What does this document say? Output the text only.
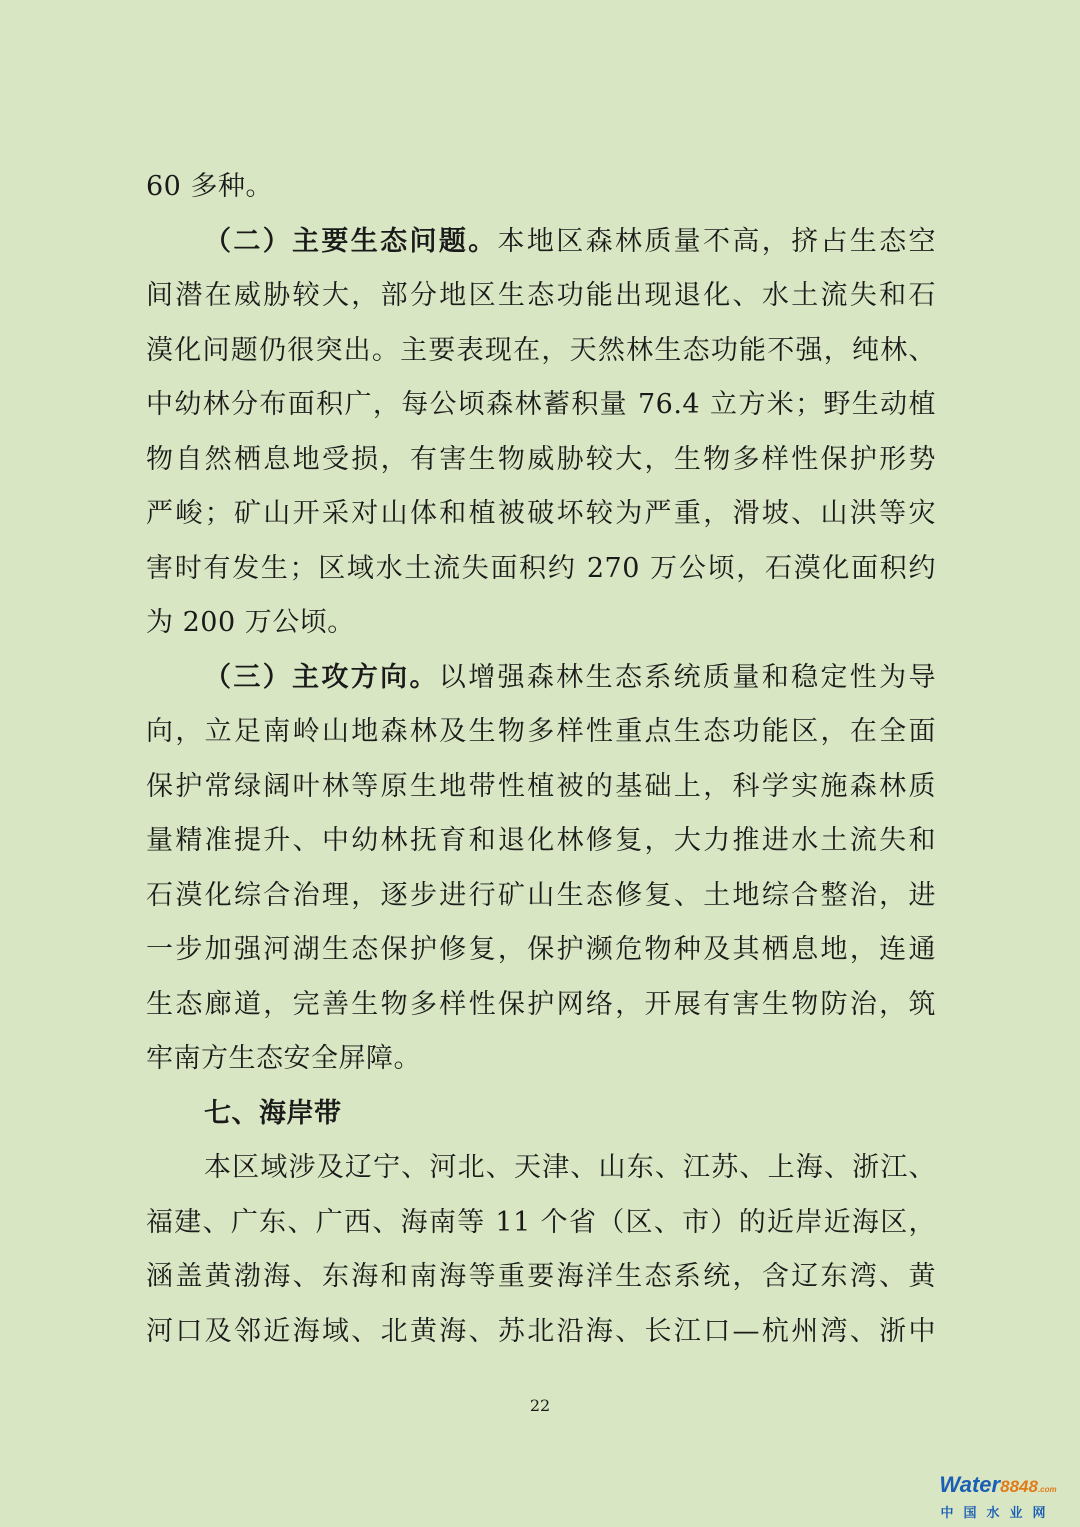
60 多种。
（二）主要生态问题。本地区森林质量不高，挤占生态空
间潜在威胁较大，部分地区生态功能出现退化、水土流失和石
漠化问题仍很突出。主要表现在，天然林生态功能不强，纯林、
中幼林分布面积广，每公顷森林蓄积量 76.4 立方米；野生动植
物自然栖息地受损，有害生物威胁较大，生物多样性保护形势
严峻；矿山开采对山体和植被破坏较为严重，滑坡、山洪等灾
害时有发生；区域水土流失面积约 270 万公顷，石漠化面积约
为 200 万公顷。
（三）主攻方向。以增强森林生态系统质量和稳定性为导
向，立足南岭山地森林及生物多样性重点生态功能区，在全面
保护常绿阔叶林等原生地带性植被的基础上，科学实施森林质
量精准提升、中幼林抚育和退化林修复，大力推进水土流失和
石漠化综合治理，逐步进行矿山生态修复、土地综合整治，进
一步加强河湖生态保护修复，保护濒危物种及其栖息地，连通
生态廊道，完善生物多样性保护网络，开展有害生物防治，筑
牢南方生态安全屏障。
七、海岸带
本区域涉及辽宁、河北、天津、山东、江苏、上海、浙江、
福建、广东、广西、海南等 11 个省（区、市）的近岸近海区，
涵盖黄渤海、东海和南海等重要海洋生态系统，含辽东湾、黄
河口及邻近海域、北黄海、苏北沿海、长江口—杭州湾、浙中
22
Water8848.com
中国水业网
